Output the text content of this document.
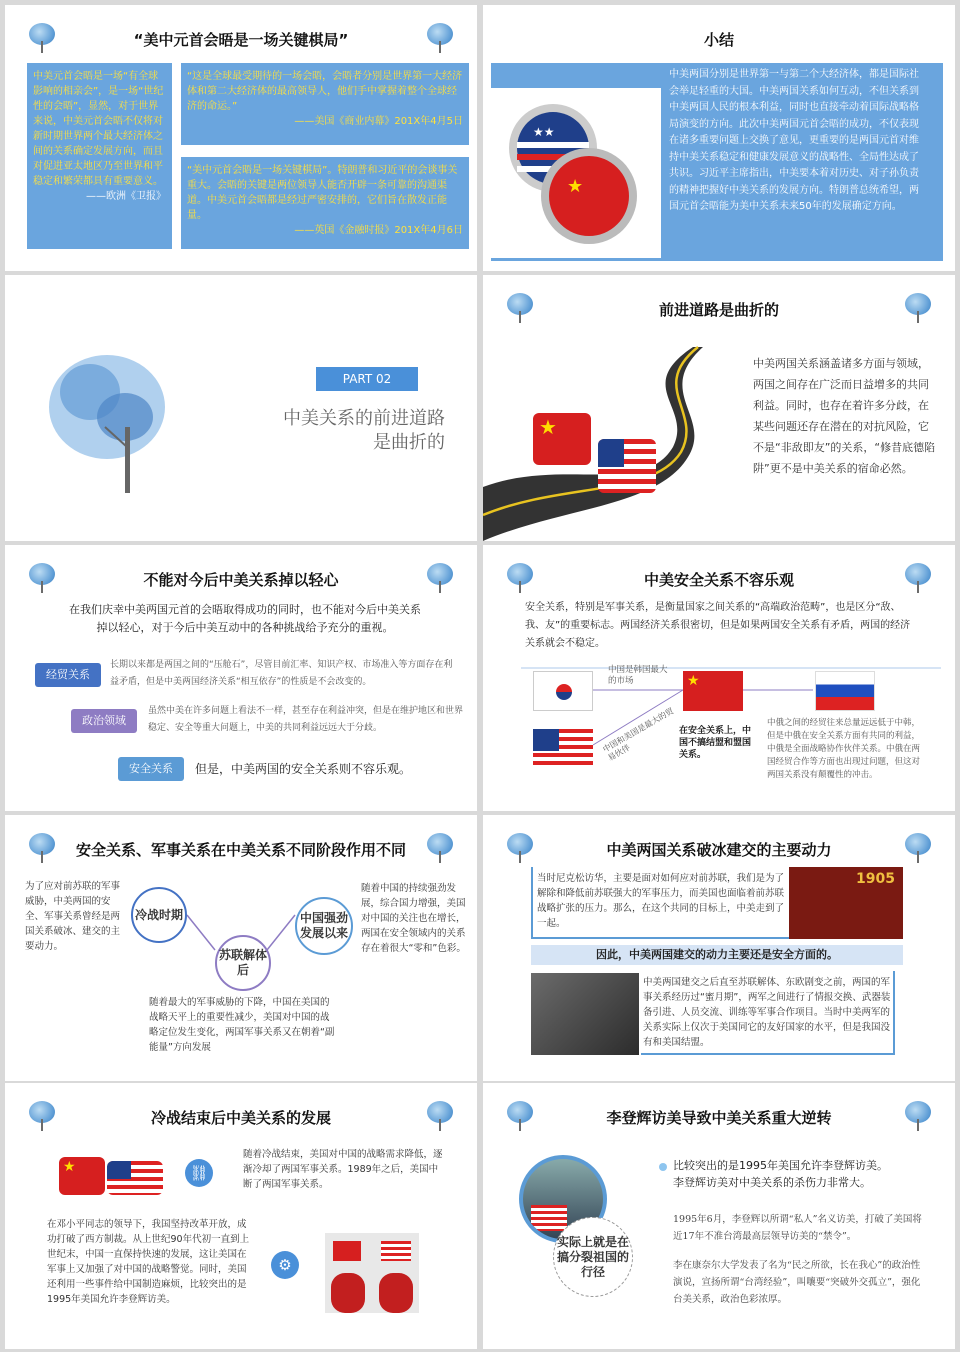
“美中元首会晤是一场关键棋局”
中美元首会晤是一场“有全球影响的相亲会”，是一场“世纪性的会晤”，显然，对于世界来说，中美元首会晤不仅将对新时期世界两个最大经济体之间的关系确定发展方向，而且对促进亚太地区乃至世界和平稳定和繁荣都具有重要意义。
——欧洲《卫报》
“这是全球最受期待的一场会晤，会晤者分别是世界第一大经济体和第二大经济体的最高领导人，他们手中掌握着整个全球经济的命运。”
——美国《商业内幕》201X年4月5日
“美中元首会晤是一场关键棋局”。特朗普和习近平的会谈事关重大。会晤的关键是两位领导人能否开辟一条可靠的沟通渠道。中美元首会晤都是经过严密安排的，它们旨在散发正能量。
——英国《金融时报》201X年4月6日
小结
★★
★
中美两国分别是世界第一与第二个大经济体，都是国际社会举足轻重的大国。中美两国关系如何互动，不但关系到中美两国人民的根本利益，同时也直接牵动着国际战略格局演变的方向。此次中美两国元首会晤的成功，不仅表现在诸多重要问题上交换了意见，更重要的是两国元首对维持中美关系稳定和健康发展意义的战略性、全局性达成了共识。习近平主席指出，中美要本着对历史、对子孙负责的精神把握好中美关系的发展方向。特朗普总统希望，两国元首会晤能为美中关系未来50年的发展确定方向。
PART 02
中美关系的前进道路
是曲折的
前进道路是曲折的
★
中美两国关系涵盖诸多方面与领域，两国之间存在广泛而日益增多的共同利益。同时，也存在着许多分歧，在某些问题还存在潜在的对抗风险，它不是“非敌即友”的关系，“修昔底德陷阱”更不是中美关系的宿命必然。
不能对今后中美关系掉以轻心
在我们庆幸中美两国元首的会晤取得成功的同时，也不能对今后中美关系掉以轻心，对于今后中美互动中的各种挑战给予充分的重视。
经贸关系
长期以来都是两国之间的“压舱石”，尽管目前汇率、知识产权、市场准入等方面存在利益矛盾，但是中美两国经济关系“相互依存”的性质是不会改变的。
政治领域
虽然中美在许多问题上看法不一样，甚至存在利益冲突，但是在维护地区和世界稳定、安全等重大问题上，中美的共同利益远远大于分歧。
安全关系	但是，中美两国的安全关系则不容乐观。
中美安全关系不容乐观
安全关系，特别是军事关系，是衡量国家之间关系的“高端政治范畴”，也是区分“敌、我、友”的重要标志。两国经济关系很密切，但是如果两国安全关系有矛盾，两国的经济关系就会不稳定。
中国是韩国最大的市场	★
中国和美国是最大的贸易伙伴
在安全关系上，中国不搞结盟和盟国关系。
中俄之间的经贸往来总量远远低于中韩，但是中俄在安全关系方面有共同的利益，中俄是全面战略协作伙伴关系。中俄在两国经贸合作等方面也出现过问题，但这对两国关系没有颠覆性的冲击。
安全关系、军事关系在中美关系不同阶段作用不同
为了应对前苏联的军事威胁，中美两国的安全、军事关系曾经是两国关系破冰、建交的主要动力。
冷战时期
苏联解体后
中国强劲发展以来
随着中国的持续强劲发展，综合国力增强，美国对中国的关注也在增长，两国在安全领域内的关系存在着很大“零和”色彩。
随着最大的军事威胁的下降，中国在美国的战略天平上的重要性减少，美国对中国的战略定位发生变化，两国军事关系又在朝着“副能量”方向发展
中美两国关系破冰建交的主要动力
当时尼克松访华，主要是面对如何应对前苏联，我们是为了解除和降低前苏联强大的军事压力，而美国也面临着前苏联战略扩张的压力。那么，在这个共同的目标上，中美走到了一起。
1905
因此，中美两国建交的动力主要还是安全方面的。
中美两国建交之后直至苏联解体、东欧剧变之前，两国的军事关系经历过“蜜月期”，两军之间进行了情报交换、武器装备引进、人员交流、训练等军事合作项目。当时中美两军的关系实际上仅次于美国同它的友好国家的水平，但是我国没有和美国结盟。
冷战结束后中美关系的发展
★	⛓
随着冷战结束，美国对中国的战略需求降低，逐渐冷却了两国军事关系。1989年之后，美国中断了两国军事关系。
在邓小平同志的领导下，我国坚持改革开放，成功打破了西方制裁。从上世纪90年代初一直到上世纪末，中国一直保持快速的发展，这让美国在军事上又加强了对中国的战略警觉。同时，美国还利用一些事件给中国制造麻烦，比较突出的是1995年美国允许李登辉访美。
⚙
李登辉访美导致中美关系重大逆转
实际上就是在搞分裂祖国的行径
比较突出的是1995年美国允许李登辉访美。
李登辉访美对中美关系的杀伤力非常大。
1995年6月，李登辉以所谓“私人”名义访美，打破了美国将近17年不准台湾最高层领导访美的“禁令”。
李在康奈尔大学发表了名为“民之所欲，长在我心”的政治性演说，宣扬所谓“台湾经验”，叫嚷要“突破外交孤立”，强化台美关系，政治色彩浓厚。
